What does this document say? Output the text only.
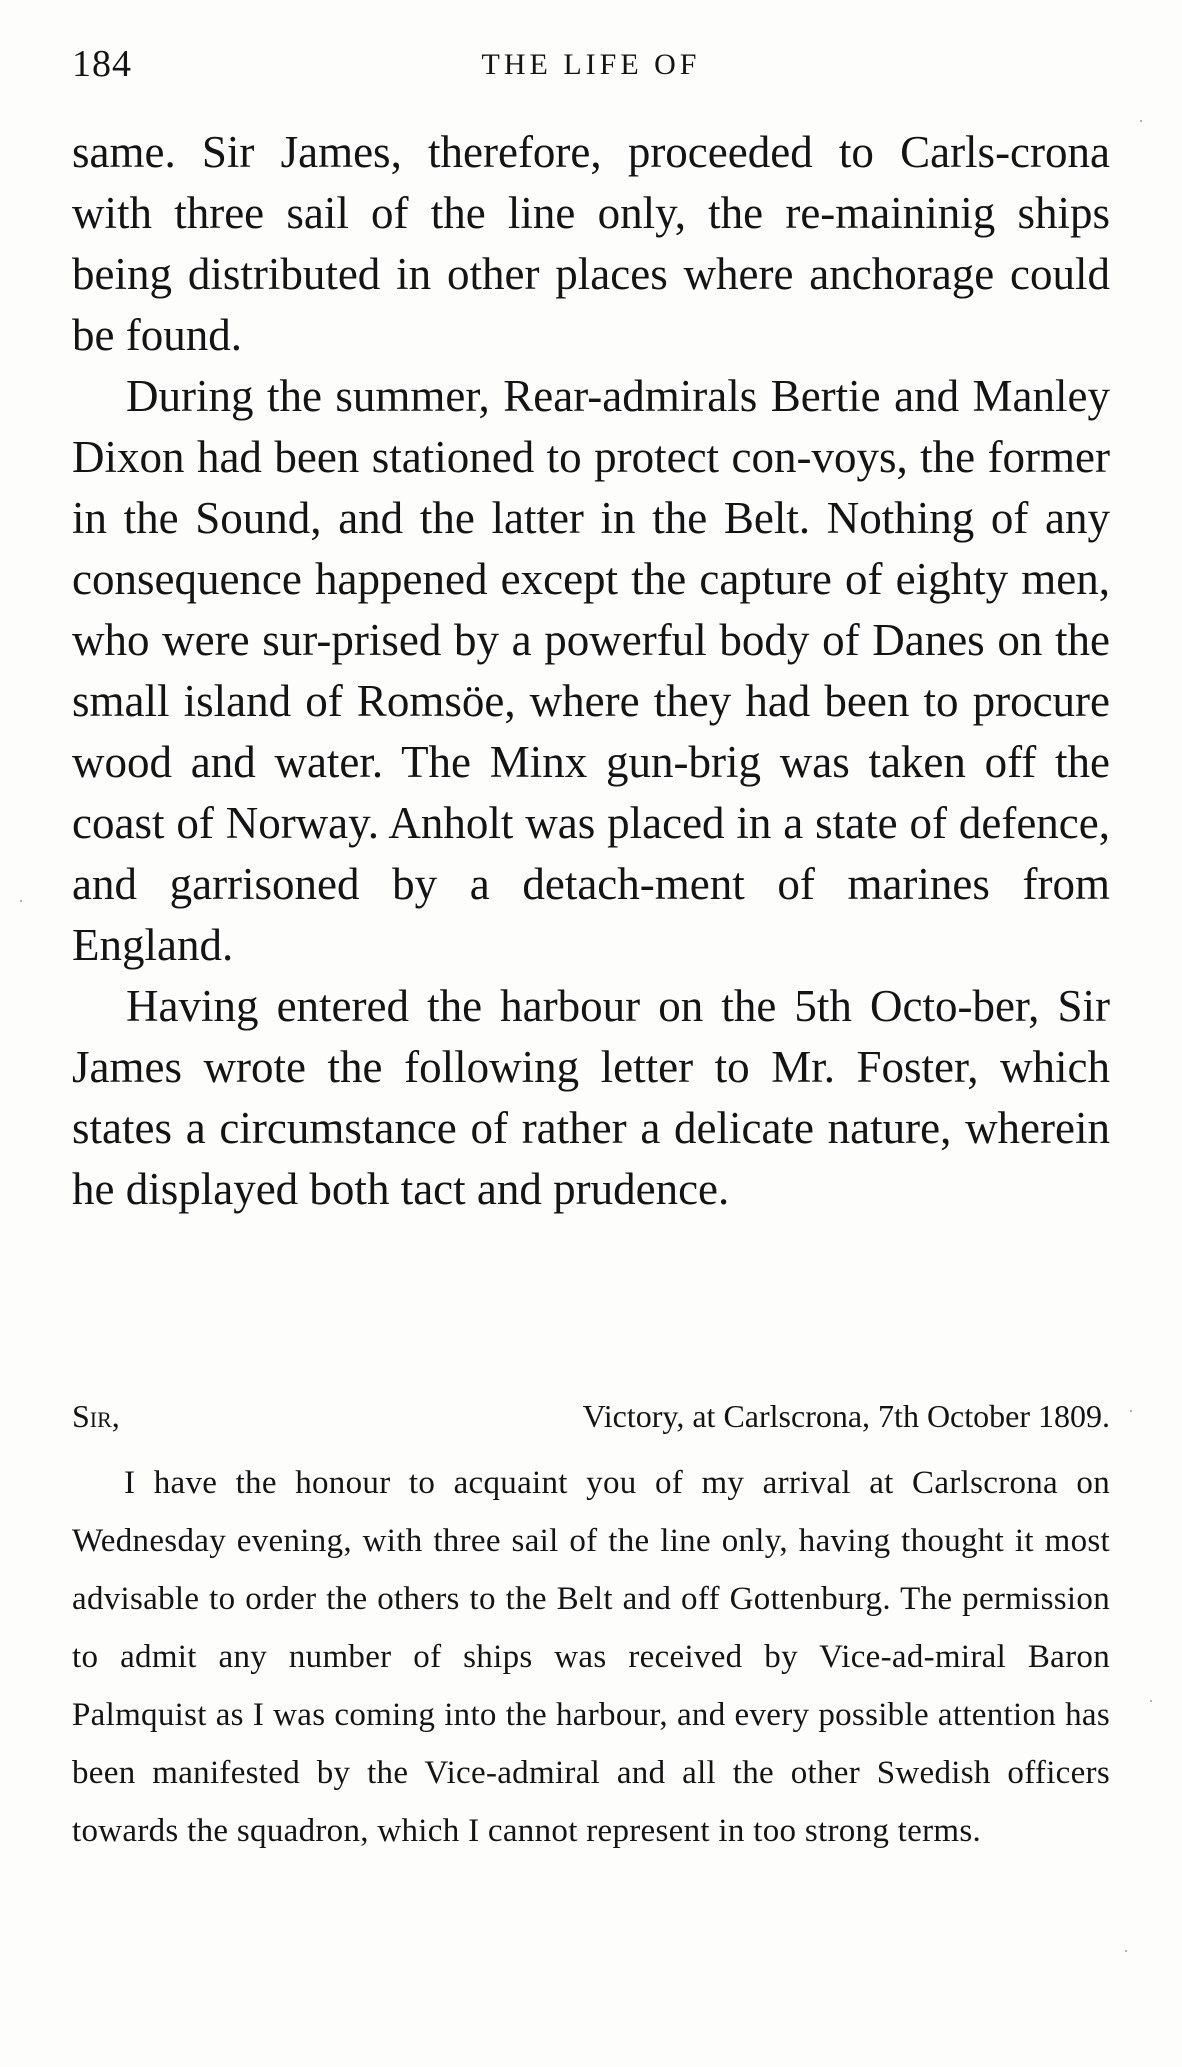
184	THE LIFE OF

same. Sir James, therefore, proceeded to Carls-crona with three sail of the line only, the re-maininig ships being distributed in other places where anchorage could be found.

During the summer, Rear-admirals Bertie and Manley Dixon had been stationed to protect con-voys, the former in the Sound, and the latter in the Belt. Nothing of any consequence happened except the capture of eighty men, who were sur-prised by a powerful body of Danes on the small island of Romsöe, where they had been to procure wood and water. The Minx gun-brig was taken off the coast of Norway. Anholt was placed in a state of defence, and garrisoned by a detach-ment of marines from England.

Having entered the harbour on the 5th Octo-ber, Sir James wrote the following letter to Mr. Foster, which states a circumstance of rather a delicate nature, wherein he displayed both tact and prudence.

Sir,	Victory, at Carlscrona, 7th October 1809.

I have the honour to acquaint you of my arrival at Carlscrona on Wednesday evening, with three sail of the line only, having thought it most advisable to order the others to the Belt and off Gottenburg. The permission to admit any number of ships was received by Vice-ad-miral Baron Palmquist as I was coming into the harbour, and every possible attention has been manifested by the Vice-admiral and all the other Swedish officers towards the squadron, which I cannot represent in too strong terms.
